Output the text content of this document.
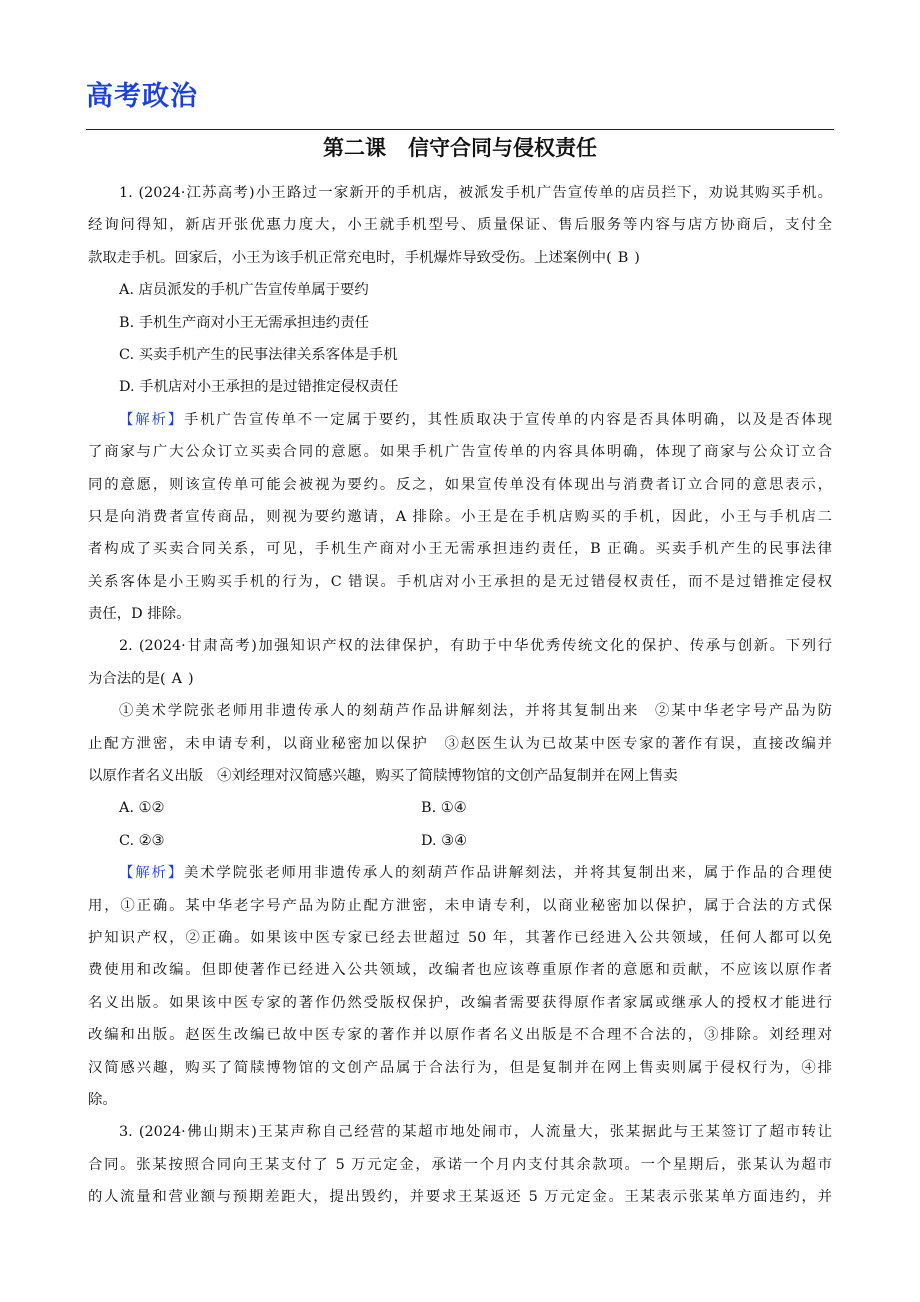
高考政治
第二课 信守合同与侵权责任
1. (2024·江苏高考)小王路过一家新开的手机店，被派发手机广告宣传单的店员拦下，劝说其购买手机。
经询问得知，新店开张优惠力度大，小王就手机型号、质量保证、售后服务等内容与店方协商后，支付全
款取走手机。回家后，小王为该手机正常充电时，手机爆炸导致受伤。上述案例中( B )
A. 店员派发的手机广告宣传单属于要约
B. 手机生产商对小王无需承担违约责任
C. 买卖手机产生的民事法律关系客体是手机
D. 手机店对小王承担的是过错推定侵权责任
【解析】手机广告宣传单不一定属于要约，其性质取决于宣传单的内容是否具体明确，以及是否体现
了商家与广大公众订立买卖合同的意愿。如果手机广告宣传单的内容具体明确，体现了商家与公众订立合
同的意愿，则该宣传单可能会被视为要约。反之，如果宣传单没有体现出与消费者订立合同的意思表示，
只是向消费者宣传商品，则视为要约邀请，A 排除。小王是在手机店购买的手机，因此，小王与手机店二
者构成了买卖合同关系，可见，手机生产商对小王无需承担违约责任，B 正确。买卖手机产生的民事法律
关系客体是小王购买手机的行为，C 错误。手机店对小王承担的是无过错侵权责任，而不是过错推定侵权
责任，D 排除。
2. (2024·甘肃高考)加强知识产权的法律保护，有助于中华优秀传统文化的保护、传承与创新。下列行
为合法的是( A )
①美术学院张老师用非遗传承人的刻葫芦作品讲解刻法，并将其复制出来 ②某中华老字号产品为防
止配方泄密，未申请专利，以商业秘密加以保护 ③赵医生认为已故某中医专家的著作有误，直接改编并
以原作者名义出版 ④刘经理对汉简感兴趣，购买了简牍博物馆的文创产品复制并在网上售卖
A. ①②	B. ①④
C. ②③	D. ③④
【解析】美术学院张老师用非遗传承人的刻葫芦作品讲解刻法，并将其复制出来，属于作品的合理使
用，①正确。某中华老字号产品为防止配方泄密，未申请专利，以商业秘密加以保护，属于合法的方式保
护知识产权，②正确。如果该中医专家已经去世超过 50 年，其著作已经进入公共领域，任何人都可以免
费使用和改编。但即使著作已经进入公共领域，改编者也应该尊重原作者的意愿和贡献，不应该以原作者
名义出版。如果该中医专家的著作仍然受版权保护，改编者需要获得原作者家属或继承人的授权才能进行
改编和出版。赵医生改编已故中医专家的著作并以原作者名义出版是不合理不合法的，③排除。刘经理对
汉简感兴趣，购买了简牍博物馆的文创产品属于合法行为，但是复制并在网上售卖则属于侵权行为，④排
除。
3. (2024·佛山期末)王某声称自己经营的某超市地处闹市，人流量大，张某据此与王某签订了超市转让
合同。张某按照合同向王某支付了 5 万元定金，承诺一个月内支付其余款项。一个星期后，张某认为超市
的人流量和营业额与预期差距大，提出毁约，并要求王某返还 5 万元定金。王某表示张某单方面违约，并
